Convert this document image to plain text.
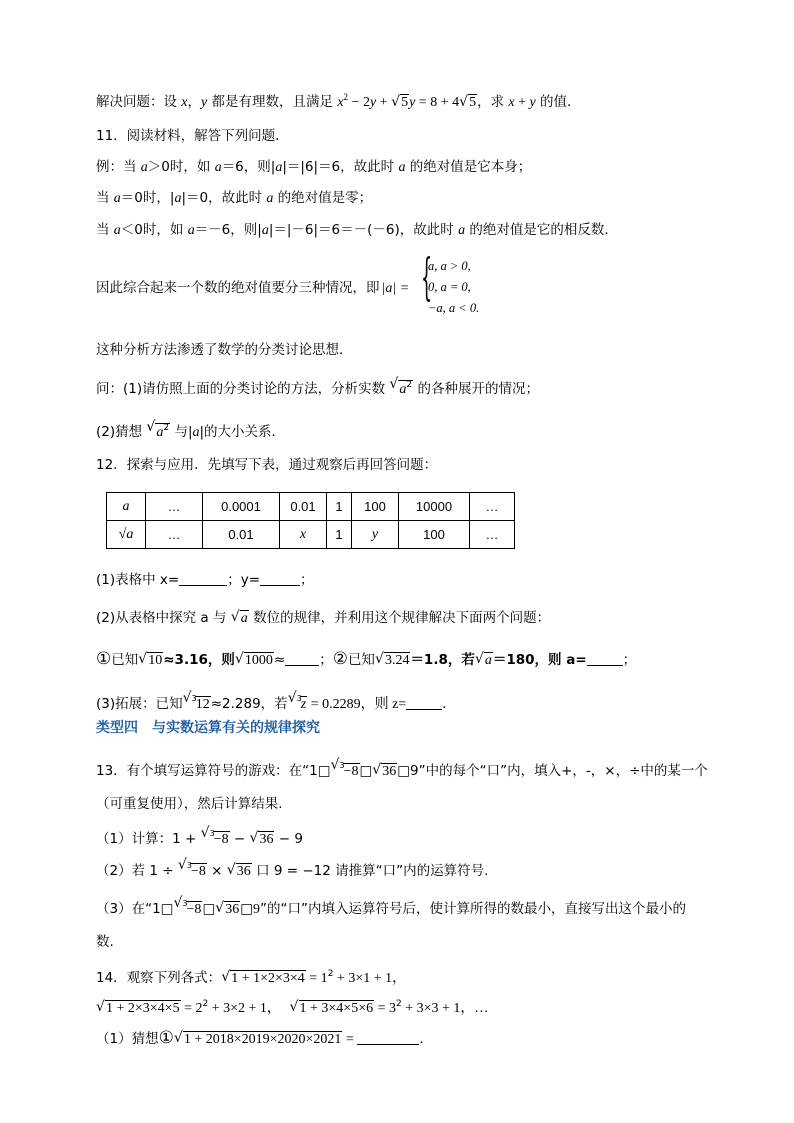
解决问题：设 x，y 都是有理数，且满足 $x^2 - 2y$ + √ 5y = 8 + 4 √ 5，求 x + y 的值．
11．阅读材料，解答下列问题．
例：当 a＞0时，如 a＝6，则|a|＝|6|＝6，故此时 a 的绝对值是它本身；
当 a＝0时，|a|＝0，故此时 a 的绝对值是零；
当 a＜0时，如 a＝－6，则|a|＝|－6|＝6＝－(－6)，故此时 a 的绝对值是它的相反数．
因此综合起来一个数的绝对值要分三种情况，即 |a| = {
a, a > 0,
0, a = 0,
−a, a < 0.
这种分析方法渗透了数学的分类讨论思想．
问：(1)请仿照上面的分类讨论的方法，分析实数 √ $a^2$ 的各种展开的情况；
(2)猜想 √ $a^2$ 与|a|的大小关系．
12．探索与应用．先填写下表，通过观察后再回答问题：
a	…	0.0001	0.01	1	100	10000	…
√a	…	0.01	x	1	y	100	…
(1)表格中 x=	；y=	；
(2)从表格中探究 a 与 √ a 数位的规律，并利用这个规律解决下面两个问题：
①已知 √ 10≈3.16，则 √ 1000≈	；②已知 √ 3.24＝1.8，若 √ a＝180，则 a=	；
(3)拓展：已知 √ $^3$12≈2.289，若 √ $^3$z = 0.2289，则 z=	．
类型四　与实数运算有关的规律探究
13．有个填写运算符号的游戏：在“1□ √ $^3$−8□ √ 36□9”中的每个“口”内，填入+，-，×，÷中的某一个
（可重复使用），然后计算结果.
（1）计算：1 + √ $^3$−8 − √ 36 − 9
（2）若 1 ÷ √ $^3$−8 × √ 36 口 9 = −12 请推算“口”内的运算符号.
（3）在“1□ √ $^3$−8□ √ 36□9”的“口”内填入运算符号后，使计算所得的数最小，直接写出这个最小的
数.
14．观察下列各式： √ $1 + 1\times 2\times 3\times 4 = 1^2 + 3\times 1 + 1$，
√ $1 + 2\times 3\times 4\times 5 = 2^2 + 3\times 2 + 1$， √ $1 + 3\times 4\times 5\times 6 = 3^2 + 3\times 3 + 1$，…
（1）猜想① √ 1 + 2018×2019×2020×2021 =	．
